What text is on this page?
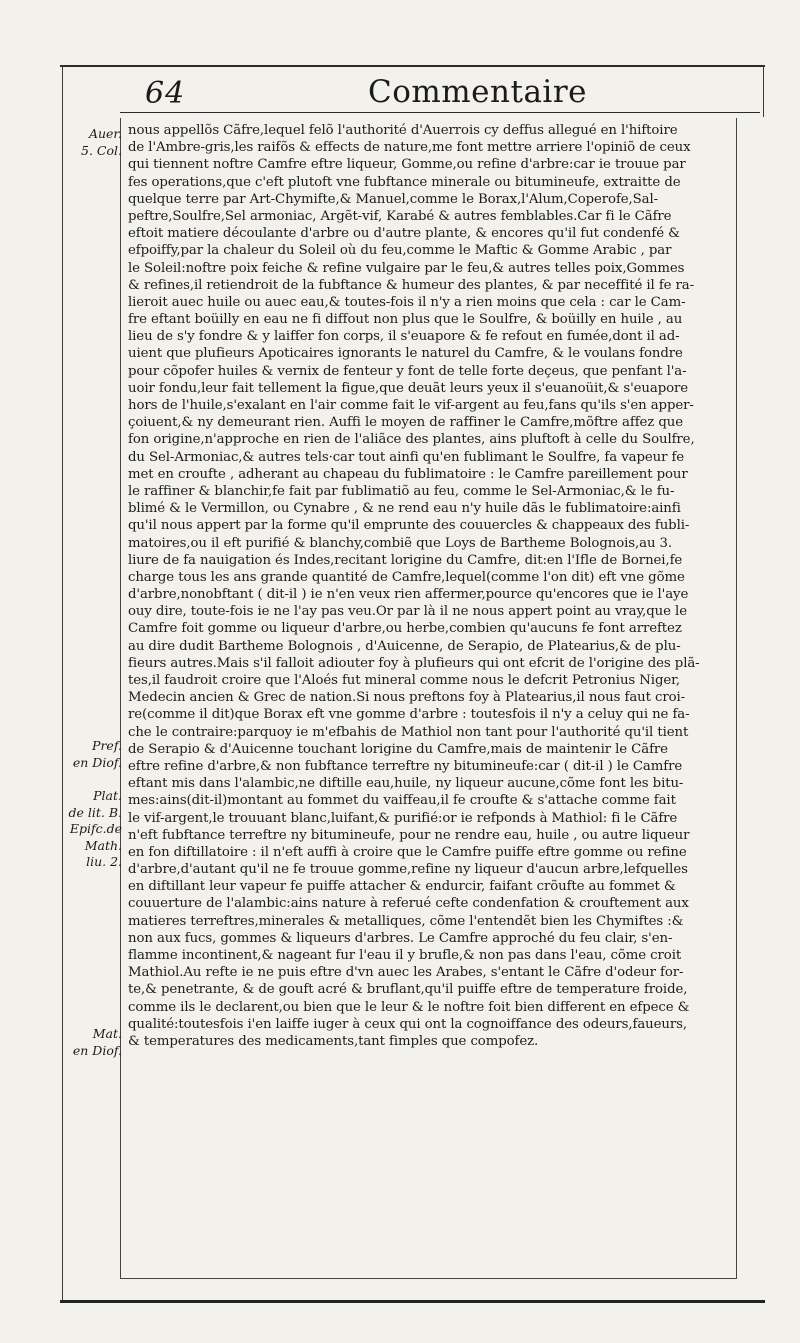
64	Commentaire
Auer.
5. Col.
Pref.
en Diof.
Plat.
de lit. B.
Epifc.de
Math.
liu. 2.
Mat.
en Diof.
nous appellõs Cãfre,lequel felõ l'authorité d'Auerrois cy deffus allegué en l'hiftoire
de l'Ambre-gris,les raifõs & effects de nature,me font mettre arriere l'opiniõ de ceux
qui tiennent noftre Camfre eftre liqueur, Gomme,ou refine d'arbre:car ie trouue par
fes operations,que c'eft plutoft vne fubftance minerale ou bitumineufe, extraitte de
quelque terre par Art-Chymifte,& Manuel,comme le Borax,l'Alum,Coperofe,Sal-
peftre,Soulfre,Sel armoniac, Argẽt-vif, Karabé & autres femblables.Car fi le Cãfre
eftoit matiere découlante d'arbre ou d'autre plante, & encores qu'il fut condenfé &
efpoiffy,par la chaleur du Soleil où du feu,comme le Maftic & Gomme Arabic , par
le Soleil:noftre poix feiche & refine vulgaire par le feu,& autres telles poix,Gommes
& refines,il retiendroit de la fubftance & humeur des plantes, & par neceffité il fe ra-
lieroit auec huile ou auec eau,& toutes-fois il n'y a rien moins que cela : car le Cam-
fre eftant boüilly en eau ne fi diffout non plus que le Soulfre, & boüilly en huile , au
lieu de s'y fondre & y laiffer fon corps, il s'euapore & fe refout en fumée,dont il ad-
uient que plufieurs Apoticaires ignorants le naturel du Camfre, & le voulans fondre
pour cõpofer huiles & vernix de fenteur y font de telle forte deçeus, que penfant l'a-
uoir fondu,leur fait tellement la figue,que deuãt leurs yeux il s'euanoüit,& s'euapore
hors de l'huile,s'exalant en l'air comme fait le vif-argent au feu,fans qu'ils s'en apper-
çoiuent,& ny demeurant rien. Auffi le moyen de raffiner le Camfre,mõftre affez que
fon origine,n'approche en rien de l'aliãce des plantes, ains pluftoft à celle du Soulfre,
du Sel-Armoniac,& autres tels·car tout ainfi qu'en fublimant le Soulfre, fa vapeur fe
met en croufte , adherant au chapeau du fublimatoire : le Camfre pareillement pour
le raffiner & blanchir,fe fait par fublimatiõ au feu, comme le Sel-Armoniac,& le fu-
blimé & le Vermillon, ou Cynabre , & ne rend eau n'y huile dãs le fublimatoire:ainfi
qu'il nous appert par la forme qu'il emprunte des couuercles & chappeaux des fubli-
matoires,ou il eft purifié & blanchy,combiẽ que Loys de Bartheme Bolognois,au 3.
liure de fa nauigation és Indes,recitant lorigine du Camfre, dit:en l'Ifle de Bornei,fe
charge tous les ans grande quantité de Camfre,lequel(comme l'on dit) eft vne gõme
d'arbre,nonobftant ( dit-il ) ie n'en veux rien affermer,pource qu'encores que ie l'aye
ouy dire, toute-fois ie ne l'ay pas veu.Or par là il ne nous appert point au vray,que le
Camfre foit gomme ou liqueur d'arbre,ou herbe,combien qu'aucuns fe font arreftez
au dire dudit Bartheme Bolognois , d'Auicenne, de Serapio, de Platearius,& de plu-
fieurs autres.Mais s'il falloit adiouter foy à plufieurs qui ont efcrit de l'origine des plã-
tes,il faudroit croire que l'Aloés fut mineral comme nous le defcrit Petronius Niger,
Medecin ancien & Grec de nation.Si nous preftons foy à Platearius,il nous faut croi-
re(comme il dit)que Borax eft vne gomme d'arbre : toutesfois il n'y a celuy qui ne fa-
che le contraire:parquoy ie m'efbahis de Mathiol non tant pour l'authorité qu'il tient
de Serapio & d'Auicenne touchant lorigine du Camfre,mais de maintenir le Cãfre
eftre refine d'arbre,& non fubftance terreftre ny bitumineufe:car ( dit-il ) le Camfre
eftant mis dans l'alambic,ne diftille eau,huile, ny liqueur aucune,cõme font les bitu-
mes:ains(dit-il)montant au fommet du vaiffeau,il fe croufte & s'attache comme fait
le vif-argent,le trouuant blanc,luifant,& purifié:or ie refponds à Mathiol: fi le Cãfre
n'eft fubftance terreftre ny bitumineufe, pour ne rendre eau, huile , ou autre liqueur
en fon diftillatoire : il n'eft auffi à croire que le Camfre puiffe eftre gomme ou refine
d'arbre,d'autant qu'il ne fe trouue gomme,refine ny liqueur d'aucun arbre,lefquelles
en diftillant leur vapeur fe puiffe attacher & endurcir, faifant crõufte au fommet &
couuerture de l'alambic:ains nature à referué cefte condenfation & crouftement aux
matieres terreftres,minerales & metalliques, cõme l'entendẽt bien les Chymiftes :&
non aux fucs, gommes & liqueurs d'arbres. Le Camfre approché du feu clair, s'en-
flamme incontinent,& nageant fur l'eau il y brufle,& non pas dans l'eau, cõme croit
Mathiol.Au refte ie ne puis eftre d'vn auec les Arabes, s'entant le Cãfre d'odeur for-
te,& penetrante, & de gouft acré & bruflant,qu'il puiffe eftre de temperature froide,
comme ils le declarent,ou bien que le leur & le noftre foit bien different en efpece &
qualité:toutesfois i'en laiffe iuger à ceux qui ont la cognoiffance des odeurs,faueurs,
& temperatures des medicaments,tant fimples que compofez.
